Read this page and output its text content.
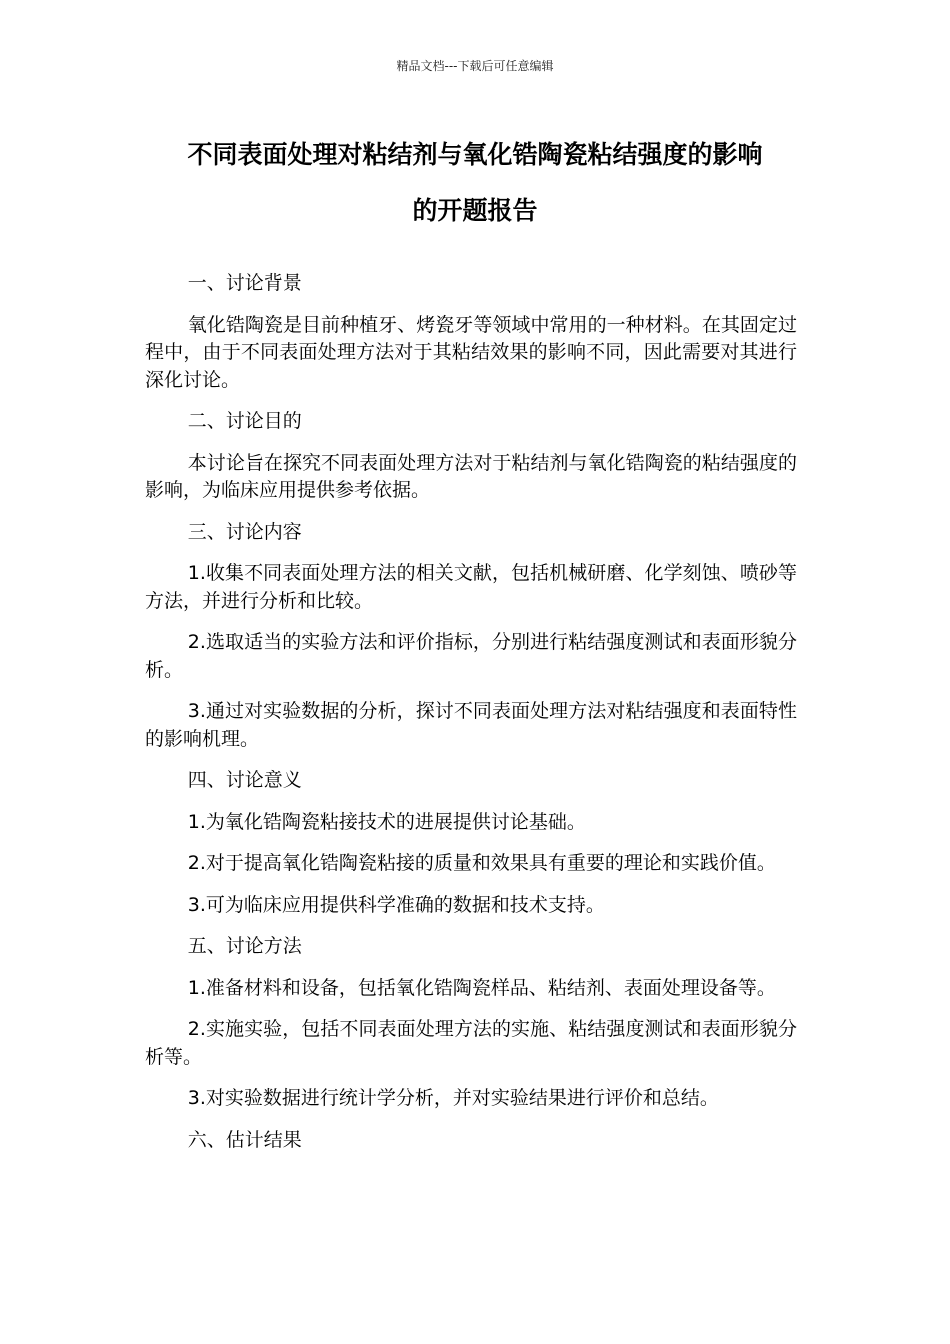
精品文档---下载后可任意编辑
不同表面处理对粘结剂与氧化锆陶瓷粘结强度的影响
的开题报告

一、讨论背景

氧化锆陶瓷是目前种植牙、烤瓷牙等领域中常用的一种材料。在其固定过程中，由于不同表面处理方法对于其粘结效果的影响不同，因此需要对其进行深化讨论。

二、讨论目的

本讨论旨在探究不同表面处理方法对于粘结剂与氧化锆陶瓷的粘结强度的影响，为临床应用提供参考依据。

三、讨论内容

1.收集不同表面处理方法的相关文献，包括机械研磨、化学刻蚀、喷砂等方法，并进行分析和比较。

2.选取适当的实验方法和评价指标，分别进行粘结强度测试和表面形貌分析。

3.通过对实验数据的分析，探讨不同表面处理方法对粘结强度和表面特性的影响机理。

四、讨论意义

1.为氧化锆陶瓷粘接技术的进展提供讨论基础。

2.对于提高氧化锆陶瓷粘接的质量和效果具有重要的理论和实践价值。

3.可为临床应用提供科学准确的数据和技术支持。

五、讨论方法

1.准备材料和设备，包括氧化锆陶瓷样品、粘结剂、表面处理设备等。

2.实施实验，包括不同表面处理方法的实施、粘结强度测试和表面形貌分析等。

3.对实验数据进行统计学分析，并对实验结果进行评价和总结。

六、估计结果
